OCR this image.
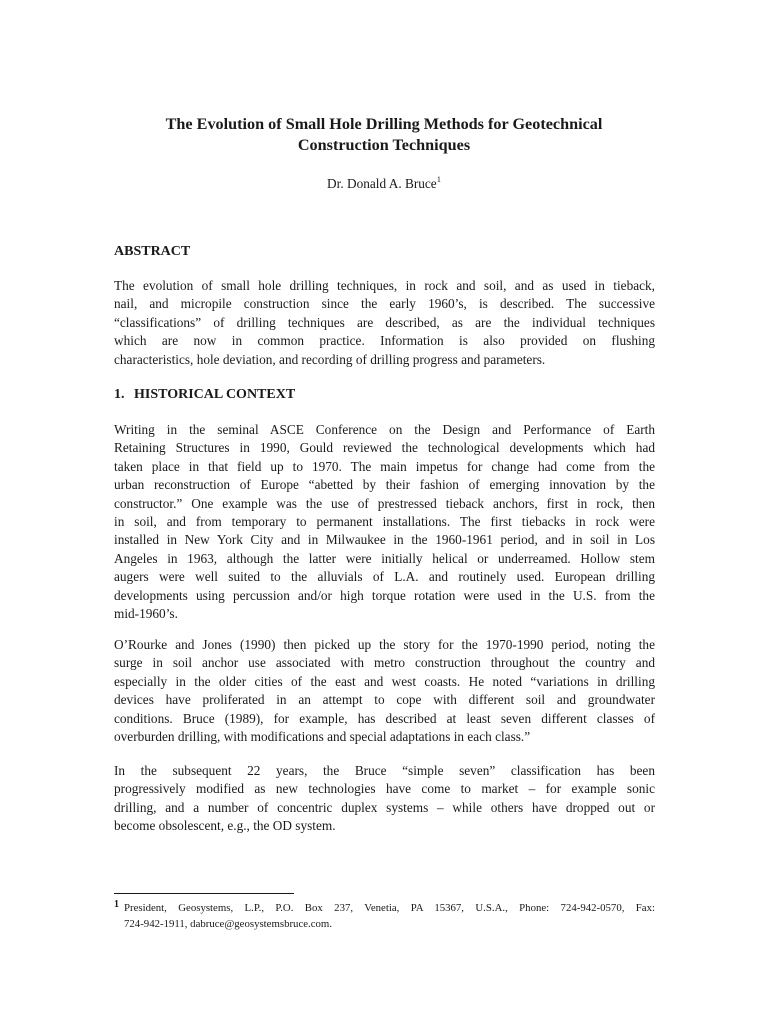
The Evolution of Small Hole Drilling Methods for Geotechnical
Construction Techniques
Dr. Donald A. Bruce$^1$
ABSTRACT
The evolution of small hole drilling techniques, in rock and soil, and as used in tieback,
nail, and micropile construction since the early 1960’s, is described. The successive
“classifications” of drilling techniques are described, as are the individual techniques
which are now in common practice. Information is also provided on flushing
characteristics, hole deviation, and recording of drilling progress and parameters.
1. HISTORICAL CONTEXT
Writing in the seminal ASCE Conference on the Design and Performance of Earth
Retaining Structures in 1990, Gould reviewed the technological developments which had
taken place in that field up to 1970. The main impetus for change had come from the
urban reconstruction of Europe “abetted by their fashion of emerging innovation by the
constructor.” One example was the use of prestressed tieback anchors, first in rock, then
in soil, and from temporary to permanent installations. The first tiebacks in rock were
installed in New York City and in Milwaukee in the 1960-1961 period, and in soil in Los
Angeles in 1963, although the latter were initially helical or underreamed. Hollow stem
augers were well suited to the alluvials of L.A. and routinely used. European drilling
developments using percussion and/or high torque rotation were used in the U.S. from the
mid-1960’s.
O’Rourke and Jones (1990) then picked up the story for the 1970-1990 period, noting the
surge in soil anchor use associated with metro construction throughout the country and
especially in the older cities of the east and west coasts. He noted “variations in drilling
devices have proliferated in an attempt to cope with different soil and groundwater
conditions. Bruce (1989), for example, has described at least seven different classes of
overburden drilling, with modifications and special adaptations in each class.”
In the subsequent 22 years, the Bruce “simple seven” classification has been
progressively modified as new technologies have come to market – for example sonic
drilling, and a number of concentric duplex systems – while others have dropped out or
become obsolescent, e.g., the OD system.
1 President, Geosystems, L.P., P.O. Box 237, Venetia, PA 15367, U.S.A., Phone: 724-942-0570, Fax:
724-942-1911, dabruce@geosystemsbruce.com.
